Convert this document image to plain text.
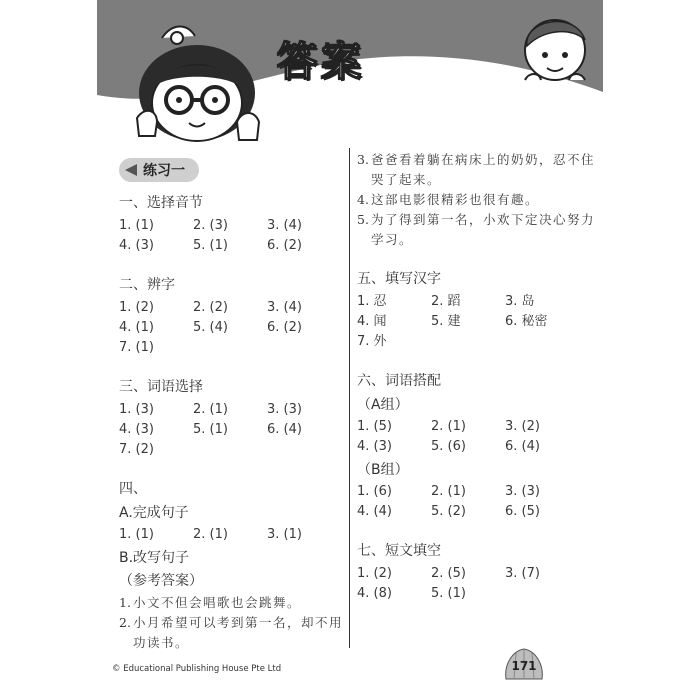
答案
练习一
一、选择音节
1. (1)	2. (3)	3. (4)
4. (3)	5. (1)	6. (2)
二、辨字
1. (2)	2. (2)	3. (4)
4. (1)	5. (4)	6. (2)
7. (1)
三、词语选择
1. (3)	2. (1)	3. (3)
4. (3)	5. (1)	6. (4)
7. (2)
四、
A.完成句子
1. (1)	2. (1)	3. (1)
B.改写句子
（参考答案）
1. 小文不但会唱歌也会跳舞。
2. 小月希望可以考到第一名，却不用功读书。
3. 爸爸看着躺在病床上的奶奶，忍不住哭了起来。
4. 这部电影很精彩也很有趣。
5. 为了得到第一名，小欢下定决心努力学习。
五、填写汉字
1. 忍	2. 蹈	3. 岛
4. 闻	5. 建	6. 秘密
7. 外
六、词语搭配
（A组）
1. (5)	2. (1)	3. (2)
4. (3)	5. (6)	6. (4)
（B组）
1. (6)	2. (1)	3. (3)
4. (4)	5. (2)	6. (5)
七、短文填空
1. (2)	2. (5)	3. (7)
4. (8)	5. (1)
© Educational Publishing House Pte Ltd	171
